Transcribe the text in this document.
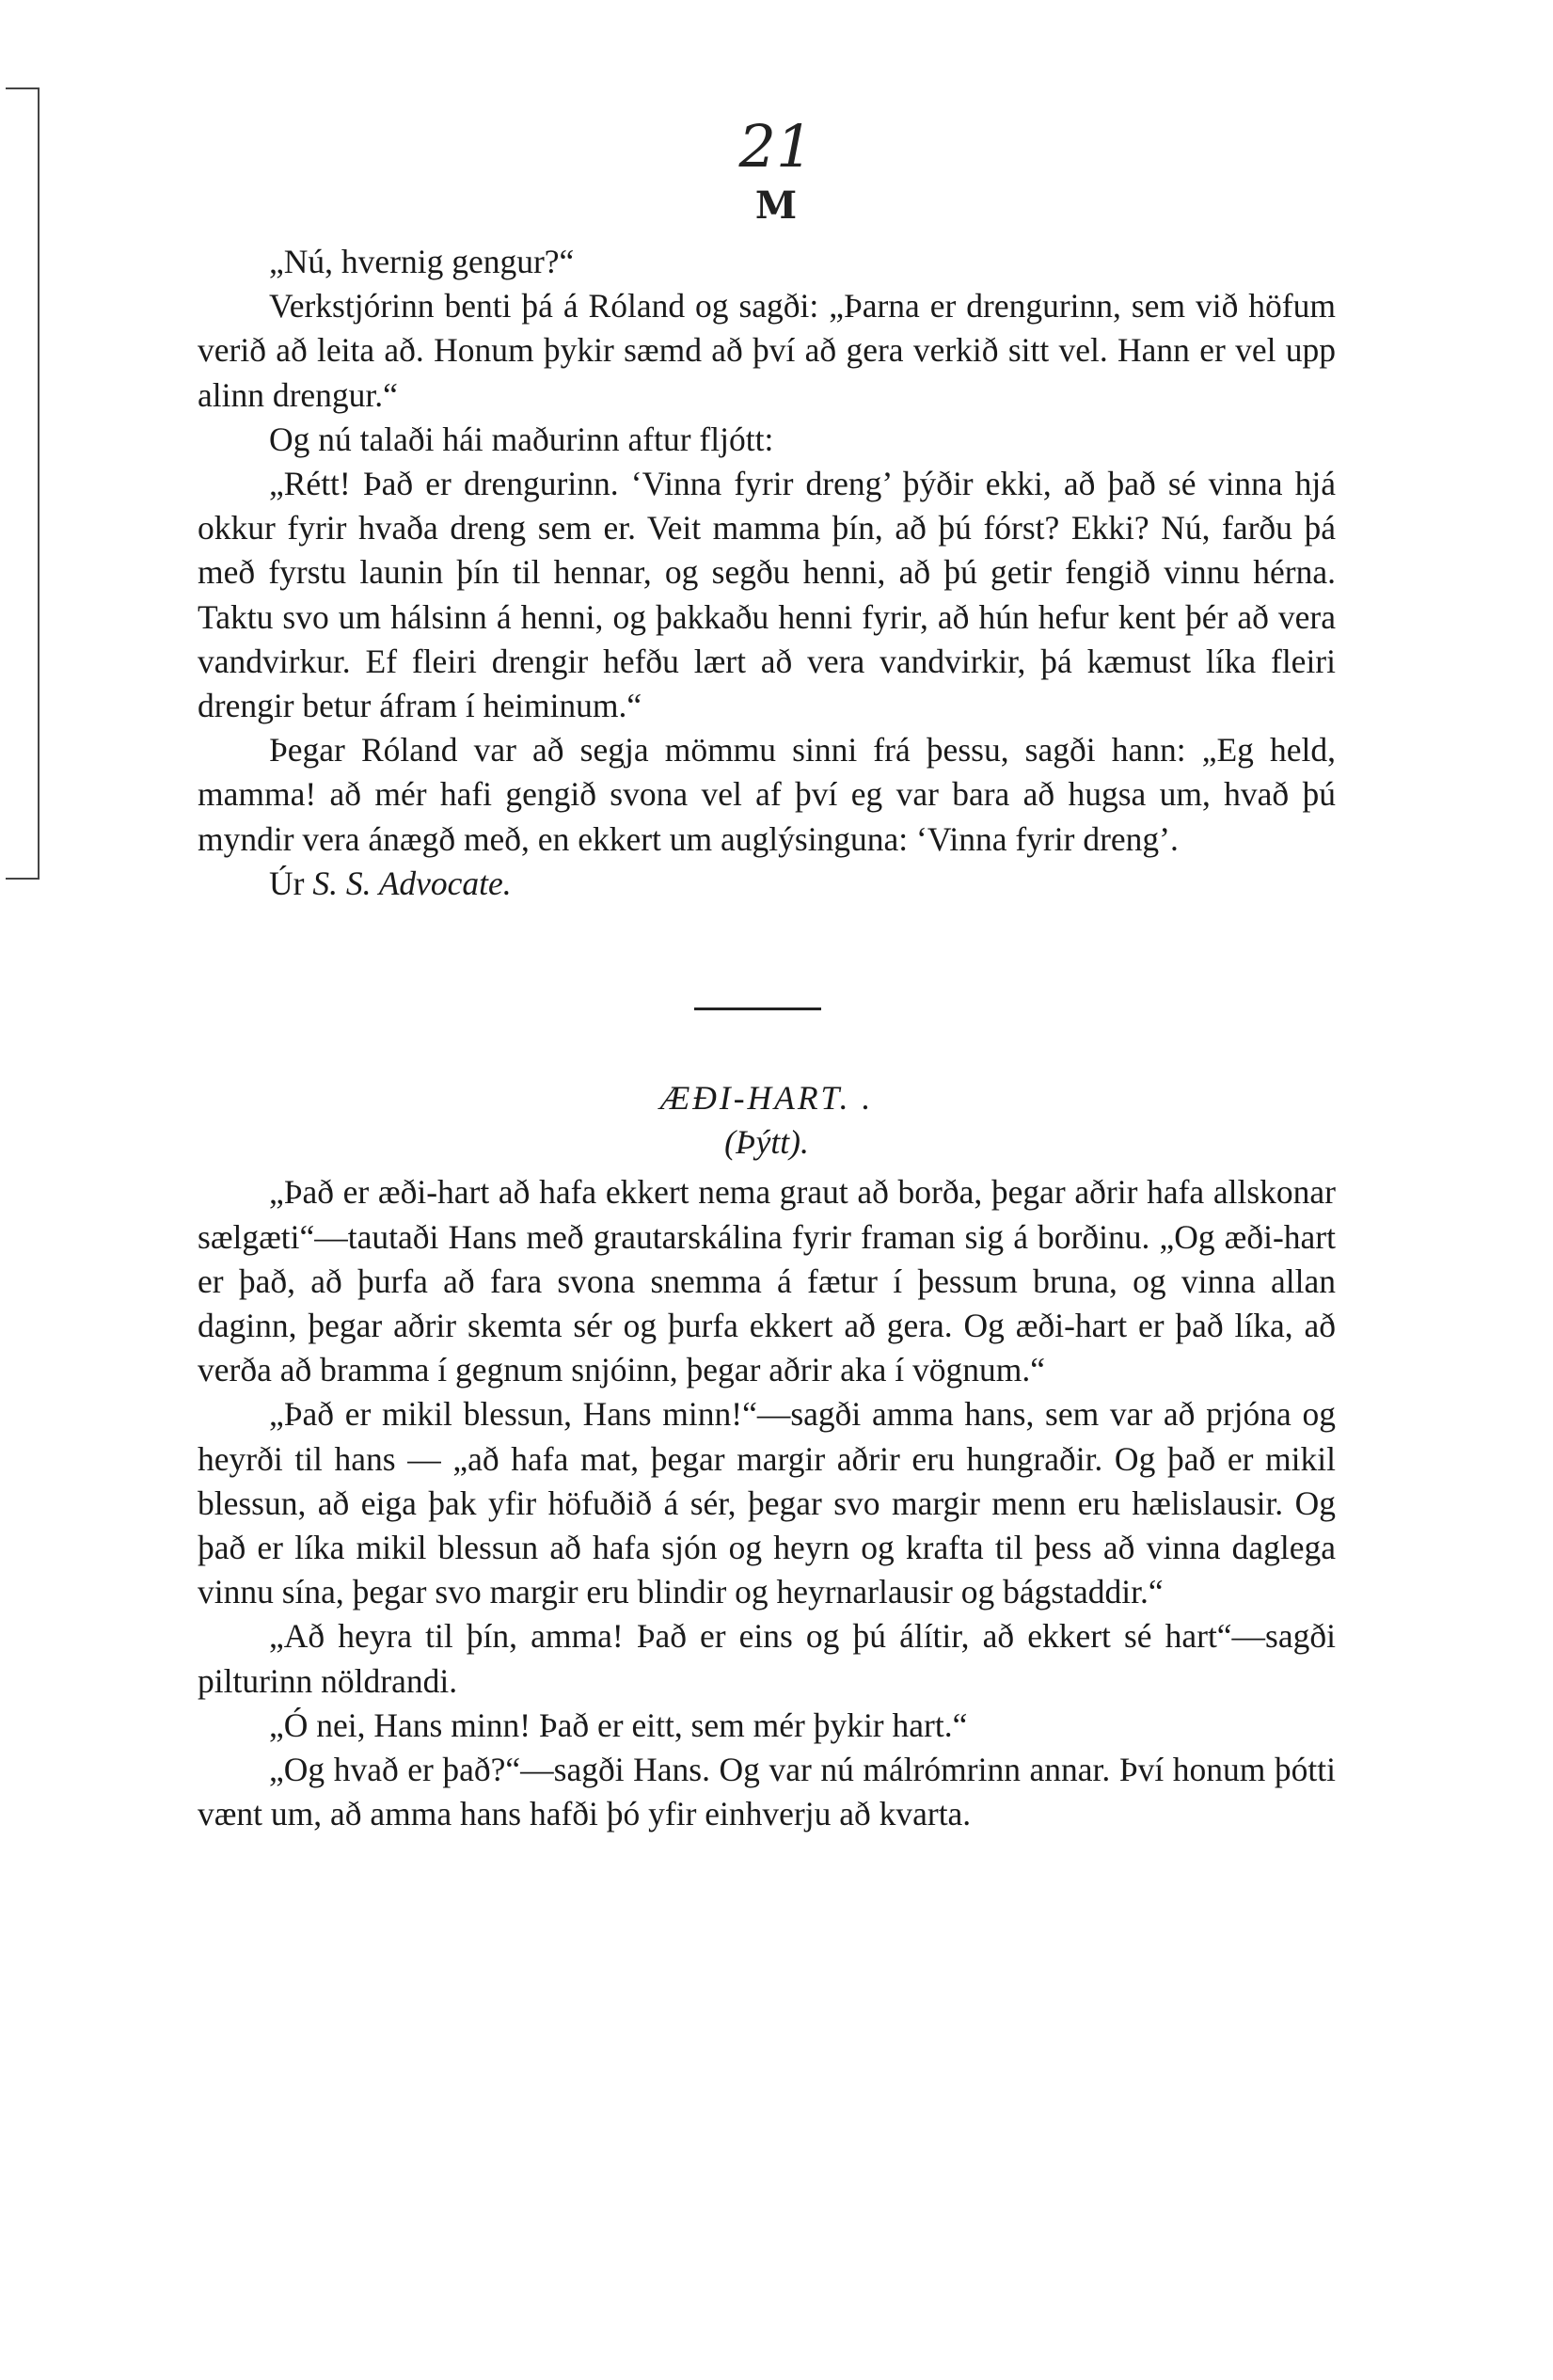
21
M

„Nú, hvernig gengur?“

Verkstjórinn benti þá á Róland og sagði: „Þarna er drengurinn, sem við höfum verið að leita að. Honum þykir sæmd að því að gera verkið sitt vel. Hann er vel upp alinn drengur.“

Og nú talaði hái maðurinn aftur fljótt:

„Rétt! Það er drengurinn. ‘Vinna fyrir dreng’ þýðir ekki, að það sé vinna hjá okkur fyrir hvaða dreng sem er. Veit mamma þín, að þú fórst? Ekki? Nú, farðu þá með fyrstu launin þín til hennar, og segðu henni, að þú getir fengið vinnu hérna. Taktu svo um hálsinn á henni, og þakkaðu henni fyrir, að hún hefur kent þér að vera vandvirkur. Ef fleiri drengir hefðu lært að vera vandvirkir, þá kæmust líka fleiri drengir betur áfram í heiminum.“

Þegar Róland var að segja mömmu sinni frá þessu, sagði hann: „Eg held, mamma! að mér hafi gengið svona vel af því eg var bara að hugsa um, hvað þú myndir vera ánægð með, en ekkert um auglýsinguna: ‘Vinna fyrir dreng’.

Úr S. S. Advocate.

ÆÐI-HART. .
(Þýtt).

„Það er æði-hart að hafa ekkert nema graut að borða, þegar aðrir hafa allskonar sælgæti“—tautaði Hans með grautarskálina fyrir framan sig á borðinu. „Og æði-hart er það, að þurfa að fara svona snemma á fætur í þessum bruna, og vinna allan daginn, þegar aðrir skemta sér og þurfa ekkert að gera. Og æði-hart er það líka, að verða að bramma í gegnum snjóinn, þegar aðrir aka í vögnum.“

„Það er mikil blessun, Hans minn!“—sagði amma hans, sem var að prjóna og heyrði til hans — „að hafa mat, þegar margir aðrir eru hungraðir. Og það er mikil blessun, að eiga þak yfir höfuðið á sér, þegar svo margir menn eru hælislausir. Og það er líka mikil blessun að hafa sjón og heyrn og krafta til þess að vinna daglega vinnu sína, þegar svo margir eru blindir og heyrnarlausir og bágstaddir.“

„Að heyra til þín, amma! Það er eins og þú álítir, að ekkert sé hart“—sagði pilturinn nöldrandi.

„Ó nei, Hans minn! Það er eitt, sem mér þykir hart.“

„Og hvað er það?“—sagði Hans. Og var nú málrómrinn annar. Því honum þótti vænt um, að amma hans hafði þó yfir einhverju að kvarta.
